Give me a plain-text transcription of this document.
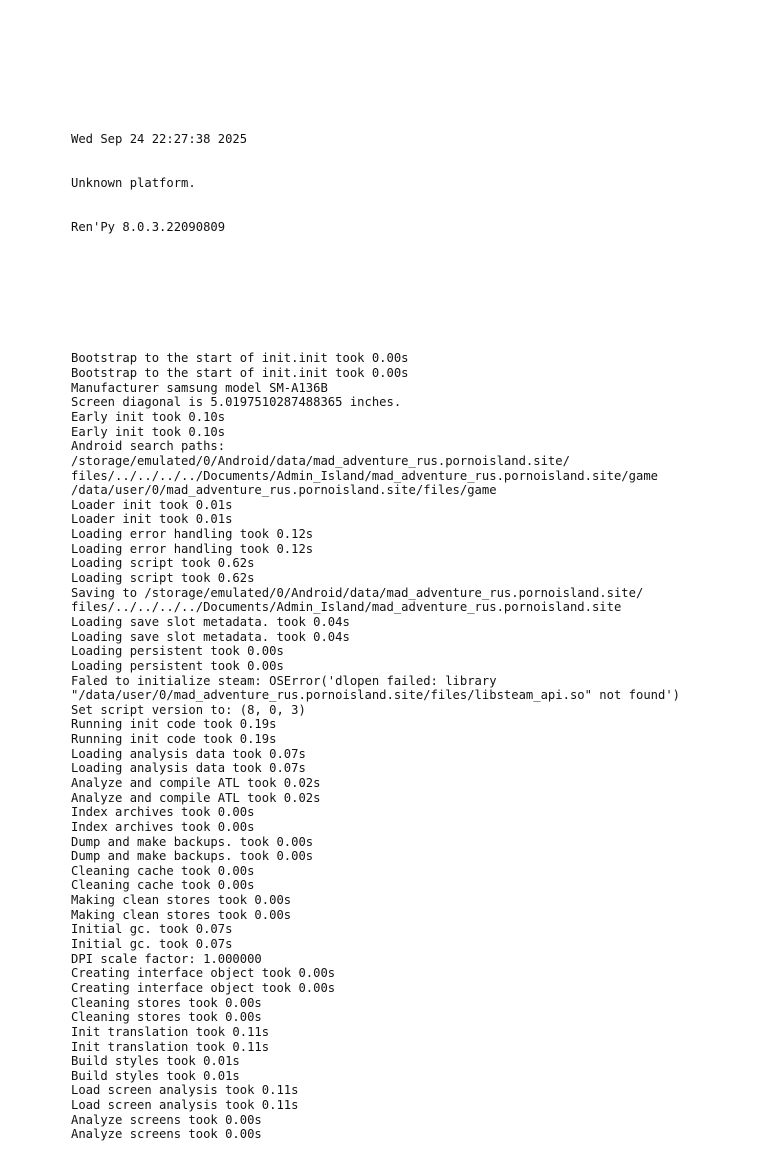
Wed Sep 24 22:27:38 2025

Unknown platform.

Ren'Py 8.0.3.22090809

Bootstrap to the start of init.init took 0.00s
Bootstrap to the start of init.init took 0.00s
Manufacturer samsung model SM-A136B
Screen diagonal is 5.0197510287488365 inches.
Early init took 0.10s
Early init took 0.10s
Android search paths:
/storage/emulated/0/Android/data/mad_adventure_rus.pornoisland.site/
files/../../../../Documents/Admin_Island/mad_adventure_rus.pornoisland.site/game
/data/user/0/mad_adventure_rus.pornoisland.site/files/game
Loader init took 0.01s
Loader init took 0.01s
Loading error handling took 0.12s
Loading error handling took 0.12s
Loading script took 0.62s
Loading script took 0.62s
Saving to /storage/emulated/0/Android/data/mad_adventure_rus.pornoisland.site/
files/../../../../Documents/Admin_Island/mad_adventure_rus.pornoisland.site
Loading save slot metadata. took 0.04s
Loading save slot metadata. took 0.04s
Loading persistent took 0.00s
Loading persistent took 0.00s
Faled to initialize steam: OSError('dlopen failed: library
"/data/user/0/mad_adventure_rus.pornoisland.site/files/libsteam_api.so" not found')
Set script version to: (8, 0, 3)
Running init code took 0.19s
Running init code took 0.19s
Loading analysis data took 0.07s
Loading analysis data took 0.07s
Analyze and compile ATL took 0.02s
Analyze and compile ATL took 0.02s
Index archives took 0.00s
Index archives took 0.00s
Dump and make backups. took 0.00s
Dump and make backups. took 0.00s
Cleaning cache took 0.00s
Cleaning cache took 0.00s
Making clean stores took 0.00s
Making clean stores took 0.00s
Initial gc. took 0.07s
Initial gc. took 0.07s
DPI scale factor: 1.000000
Creating interface object took 0.00s
Creating interface object took 0.00s
Cleaning stores took 0.00s
Cleaning stores took 0.00s
Init translation took 0.11s
Init translation took 0.11s
Build styles took 0.01s
Build styles took 0.01s
Load screen analysis took 0.11s
Load screen analysis took 0.11s
Analyze screens took 0.00s
Analyze screens took 0.00s
